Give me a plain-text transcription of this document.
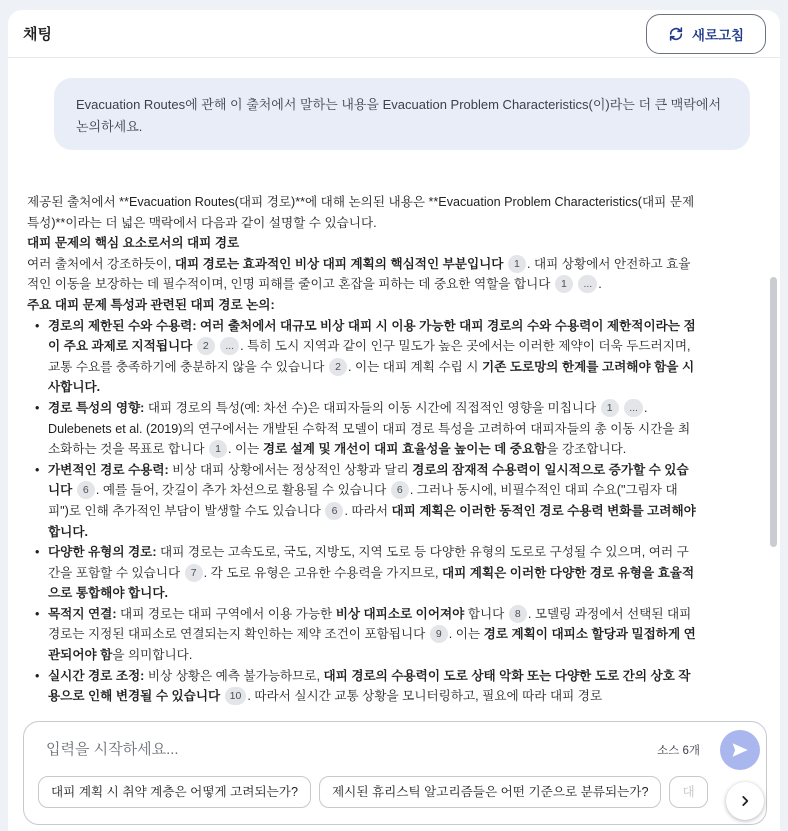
채팅	새로고침
Evacuation Routes에 관해 이 출처에서 말하는 내용을 Evacuation Problem Characteristics(이)라는 더 큰 맥락에서 논의하세요.

제공된 출처에서 **Evacuation Routes(대피 경로)**에 대해 논의된 내용은 **Evacuation Problem Characteristics(대피 문제 특성)**이라는 더 넓은 맥락에서 다음과 같이 설명할 수 있습니다.

대피 문제의 핵심 요소로서의 대피 경로

여러 출처에서 강조하듯이, 대피 경로는 효과적인 비상 대피 계획의 핵심적인 부분입니다 1 . 대피 상황에서 안전하고 효율적인 이동을 보장하는 데 필수적이며, 인명 피해를 줄이고 혼잡을 피하는 데 중요한 역할을 합니다 1 ... .

주요 대피 문제 특성과 관련된 대피 경로 논의:

• 경로의 제한된 수와 수용력: 여러 출처에서 대규모 비상 대피 시 이용 가능한 대피 경로의 수와 수용력이 제한적이라는 점이 주요 과제로 지적됩니다 2 ... . 특히 도시 지역과 같이 인구 밀도가 높은 곳에서는 이러한 제약이 더욱 두드러지며, 교통 수요를 충족하기에 충분하지 않을 수 있습니다 2 . 이는 대피 계획 수립 시 기존 도로망의 한계를 고려해야 함을 시사합니다.
• 경로 특성의 영향: 대피 경로의 특성(예: 차선 수)은 대피자들의 이동 시간에 직접적인 영향을 미칩니다 1 ... . Dulebenets et al. (2019)의 연구에서는 개발된 수학적 모델이 대피 경로 특성을 고려하여 대피자들의 총 이동 시간을 최소화하는 것을 목표로 합니다 1 . 이는 경로 설계 및 개선이 대피 효율성을 높이는 데 중요함을 강조합니다.
• 가변적인 경로 수용력: 비상 대피 상황에서는 정상적인 상황과 달리 경로의 잠재적 수용력이 일시적으로 증가할 수 있습니다 6 . 예를 들어, 갓길이 추가 차선으로 활용될 수 있습니다 6 . 그러나 동시에, 비필수적인 대피 수요("그림자 대피")로 인해 추가적인 부담이 발생할 수도 있습니다 6 . 따라서 대피 계획은 이러한 동적인 경로 수용력 변화를 고려해야 합니다.
• 다양한 유형의 경로: 대피 경로는 고속도로, 국도, 지방도, 지역 도로 등 다양한 유형의 도로로 구성될 수 있으며, 여러 구간을 포함할 수 있습니다 7 . 각 도로 유형은 고유한 수용력을 가지므로, 대피 계획은 이러한 다양한 경로 유형을 효율적으로 통합해야 합니다.
• 목적지 연결: 대피 경로는 대피 구역에서 이용 가능한 비상 대피소로 이어져야 합니다 8 . 모델링 과정에서 선택된 대피 경로는 지정된 대피소로 연결되는지 확인하는 제약 조건이 포함됩니다 9 . 이는 경로 계획이 대피소 할당과 밀접하게 연관되어야 함을 의미합니다.
• 실시간 경로 조정: 비상 상황은 예측 불가능하므로, 대피 경로의 수용력이 도로 상태 악화 또는 다양한 도로 간의 상호 작용으로 인해 변경될 수 있습니다 10 . 따라서 실시간 교통 상황을 모니터링하고, 필요에 따라 대피 경로
입력을 시작하세요...
소스 6개
대피 계획 시 취약 계층은 어떻게 고려되는가?	제시된 휴리스틱 알고리즘들은 어떤 기준으로 분류되는가?	대
